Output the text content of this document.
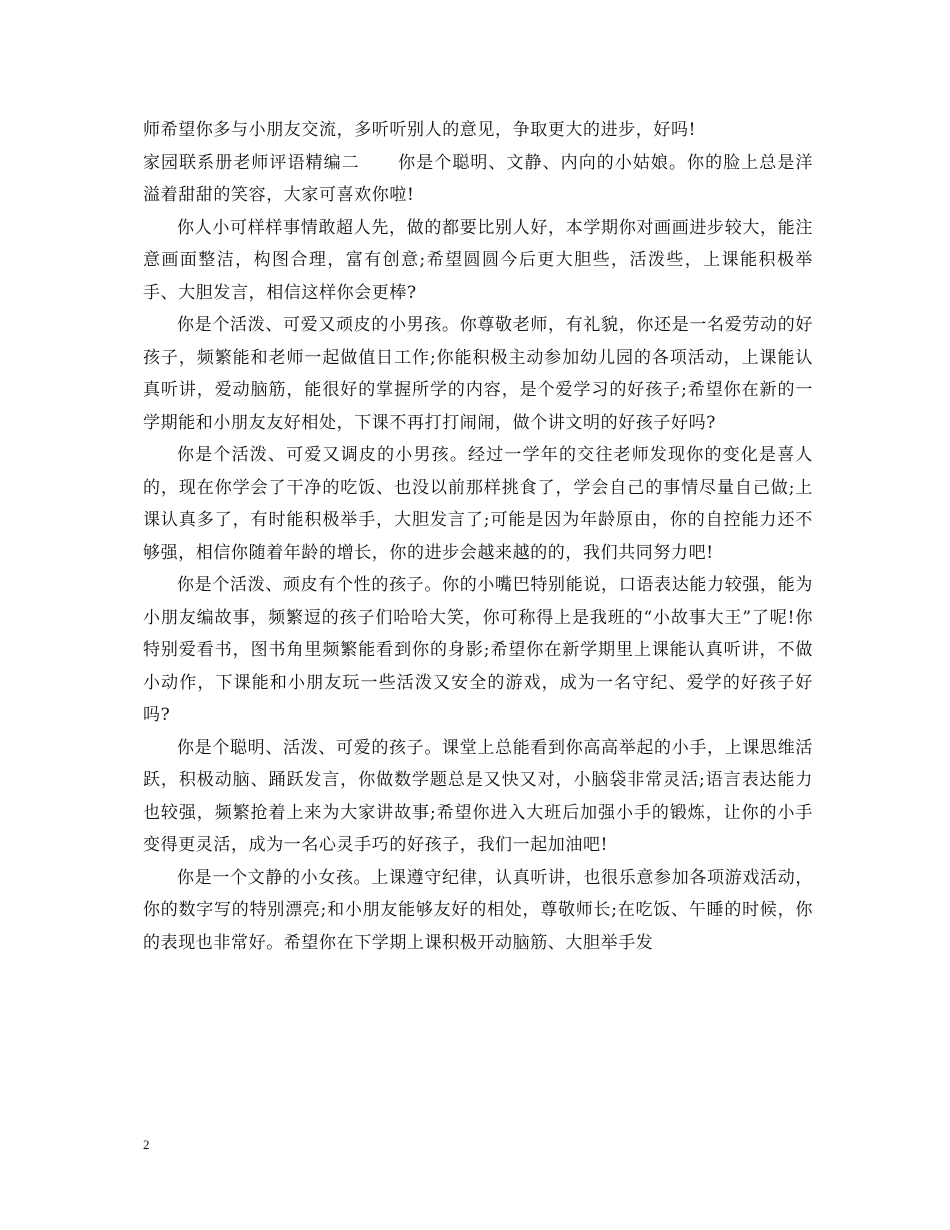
师希望你多与小朋友交流，多听听别人的意见，争取更大的进步，好吗!

家园联系册老师评语精编二 你是个聪明、文静、内向的小姑娘。你的脸上总是洋溢着甜甜的笑容，大家可喜欢你啦!

你人小可样样事情敢超人先，做的都要比别人好，本学期你对画画进步较大，能注意画面整洁，构图合理，富有创意;希望圆圆今后更大胆些，活泼些，上课能积极举手、大胆发言，相信这样你会更棒?

你是个活泼、可爱又顽皮的小男孩。你尊敬老师，有礼貌，你还是一名爱劳动的好孩子，频繁能和老师一起做值日工作;你能积极主动参加幼儿园的各项活动，上课能认真听讲，爱动脑筋，能很好的掌握所学的内容，是个爱学习的好孩子;希望你在新的一学期能和小朋友友好相处，下课不再打打闹闹，做个讲文明的好孩子好吗?

你是个活泼、可爱又调皮的小男孩。经过一学年的交往老师发现你的变化是喜人的，现在你学会了干净的吃饭、也没以前那样挑食了，学会自己的事情尽量自己做;上课认真多了，有时能积极举手，大胆发言了;可能是因为年龄原由，你的自控能力还不够强，相信你随着年龄的增长，你的进步会越来越的的，我们共同努力吧!

你是个活泼、顽皮有个性的孩子。你的小嘴巴特别能说，口语表达能力较强，能为小朋友编故事，频繁逗的孩子们哈哈大笑，你可称得上是我班的“小故事大王”了呢!你特别爱看书，图书角里频繁能看到你的身影;希望你在新学期里上课能认真听讲，不做小动作，下课能和小朋友玩一些活泼又安全的游戏，成为一名守纪、爱学的好孩子好吗?

你是个聪明、活泼、可爱的孩子。课堂上总能看到你高高举起的小手，上课思维活跃，积极动脑、踊跃发言，你做数学题总是又快又对，小脑袋非常灵活;语言表达能力也较强，频繁抢着上来为大家讲故事;希望你进入大班后加强小手的锻炼，让你的小手变得更灵活，成为一名心灵手巧的好孩子，我们一起加油吧!

你是一个文静的小女孩。上课遵守纪律，认真听讲，也很乐意参加各项游戏活动，你的数字写的特别漂亮;和小朋友能够友好的相处，尊敬师长;在吃饭、午睡的时候，你的表现也非常好。希望你在下学期上课积极开动脑筋、大胆举手发

2
